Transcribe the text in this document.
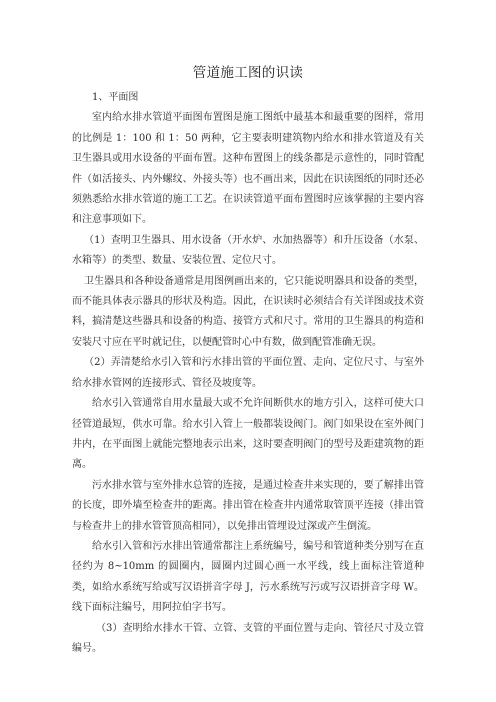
管道施工图的识读

1、平面图

室内给水排水管道平面图布置图是施工图纸中最基本和最重要的图样，常用的比例是 1：100 和 1：50 两种，它主要表明建筑物内给水和排水管道及有关卫生器具或用水设备的平面布置。这种布置图上的线条都是示意性的，同时管配件（如活接头、内外螺纹、外接头等）也不画出来，因此在识读图纸的同时还必须熟悉给水排水管道的施工工艺。在识读管道平面布置图时应该掌握的主要内容和注意事项如下。

（1）查明卫生器具、用水设备（开水炉、水加热器等）和升压设备（水泵、水箱等）的类型、数量、安装位置、定位尺寸。

卫生器具和各种设备通常是用图例画出来的，它只能说明器具和设备的类型，而不能具体表示器具的形状及构造。因此，在识读时必须结合有关详图或技术资料，搞清楚这些器具和设备的构造、接管方式和尺寸。常用的卫生器具的构造和安装尺寸应在平时就记住，以便配管时心中有数，做到配管准确无误。

（2）弄清楚给水引入管和污水排出管的平面位置、走向、定位尺寸、与室外给水排水管网的连接形式、管径及坡度等。

给水引入管通常自用水量最大或不允许间断供水的地方引入，这样可使大口径管道最短，供水可靠。给水引入管上一般都装设阀门。阀门如果设在室外阀门井内，在平面图上就能完整地表示出来，这时要查明阀门的型号及距建筑物的距离。

污水排水管与室外排水总管的连接，是通过检查井来实现的，要了解排出管的长度，即外墙至检查井的距离。排出管在检查井内通常取管顶平连接（排出管与检查井上的排水管管顶高相同），以免排出管埋设过深或产生倒流。

给水引入管和污水排出管通常都注上系统编号，编号和管道种类分别写在直径约为 8~10mm 的圆圈内，圆圈内过圆心画一水平线，线上面标注管道种类，如给水系统写给或写汉语拼音字母 J，污水系统写污或写汉语拼音字母 W。线下面标注编号，用阿拉伯字书写。

（3）查明给水排水干管、立管、支管的平面位置与走向、管径尺寸及立管编号。
